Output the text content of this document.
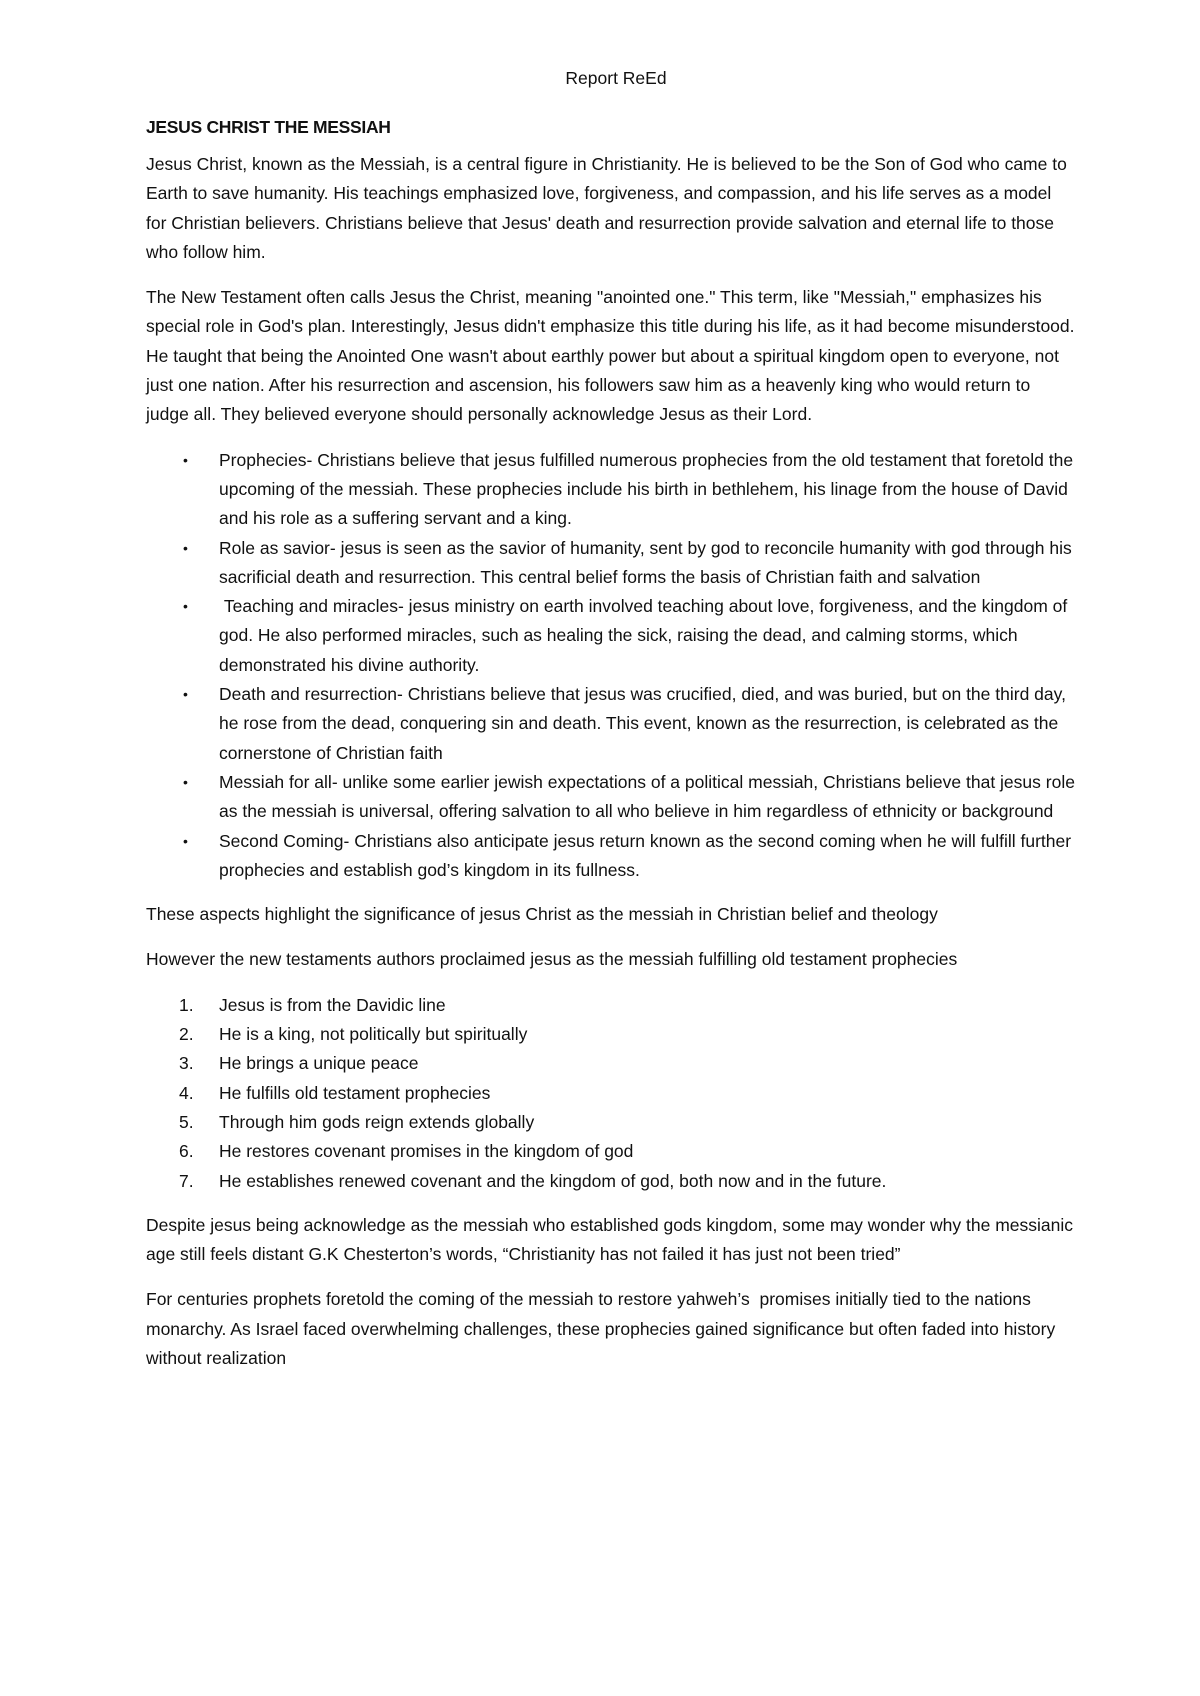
Report ReEd
JESUS CHRIST THE MESSIAH

Jesus Christ, known as the Messiah, is a central figure in Christianity. He is believed to be the Son of God who came to Earth to save humanity. His teachings emphasized love, forgiveness, and compassion, and his life serves as a model for Christian believers. Christians believe that Jesus' death and resurrection provide salvation and eternal life to those who follow him.

The New Testament often calls Jesus the Christ, meaning "anointed one." This term, like "Messiah," emphasizes his special role in God's plan. Interestingly, Jesus didn't emphasize this title during his life, as it had become misunderstood. He taught that being the Anointed One wasn't about earthly power but about a spiritual kingdom open to everyone, not just one nation. After his resurrection and ascension, his followers saw him as a heavenly king who would return to judge all. They believed everyone should personally acknowledge Jesus as their Lord.

• Prophecies- Christians believe that jesus fulfilled numerous prophecies from the old testament that foretold the upcoming of the messiah. These prophecies include his birth in bethlehem, his linage from the house of David and his role as a suffering servant and a king.
• Role as savior- jesus is seen as the savior of humanity, sent by god to reconcile humanity with god through his sacrificial death and resurrection. This central belief forms the basis of Christian faith and salvation
• Teaching and miracles- jesus ministry on earth involved teaching about love, forgiveness, and the kingdom of god. He also performed miracles, such as healing the sick, raising the dead, and calming storms, which demonstrated his divine authority.
• Death and resurrection- Christians believe that jesus was crucified, died, and was buried, but on the third day, he rose from the dead, conquering sin and death. This event, known as the resurrection, is celebrated as the cornerstone of Christian faith
• Messiah for all- unlike some earlier jewish expectations of a political messiah, Christians believe that jesus role as the messiah is universal, offering salvation to all who believe in him regardless of ethnicity or background
• Second Coming- Christians also anticipate jesus return known as the second coming when he will fulfill further prophecies and establish god’s kingdom in its fullness.

These aspects highlight the significance of jesus Christ as the messiah in Christian belief and theology

However the new testaments authors proclaimed jesus as the messiah fulfilling old testament prophecies

1. Jesus is from the Davidic line
2. He is a king, not politically but spiritually
3. He brings a unique peace
4. He fulfills old testament prophecies
5. Through him gods reign extends globally
6. He restores covenant promises in the kingdom of god
7. He establishes renewed covenant and the kingdom of god, both now and in the future.

Despite jesus being acknowledge as the messiah who established gods kingdom, some may wonder why the messianic age still feels distant G.K Chesterton’s words, “Christianity has not failed it has just not been tried”

For centuries prophets foretold the coming of the messiah to restore yahweh’s  promises initially tied to the nations monarchy. As Israel faced overwhelming challenges, these prophecies gained significance but often faded into history without realization
